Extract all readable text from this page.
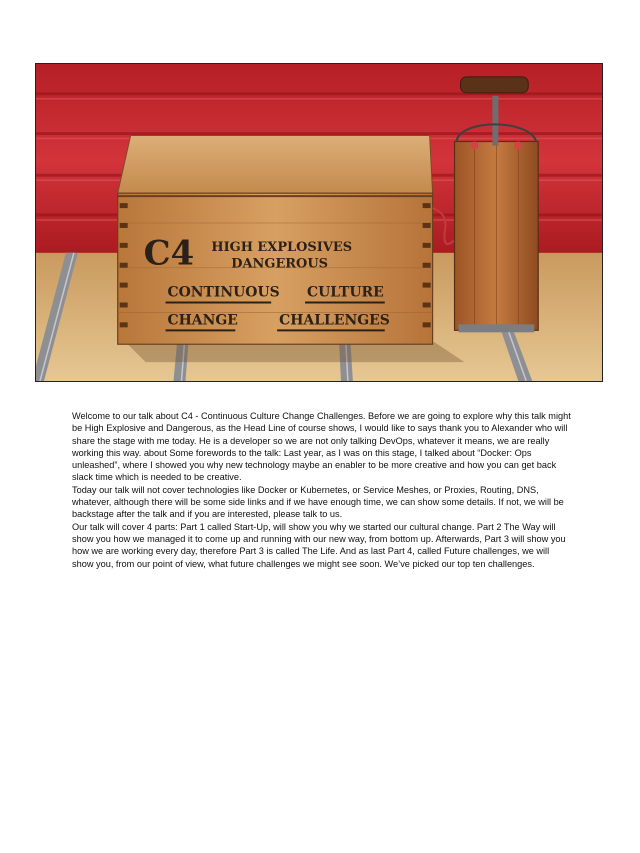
C4 HIGH EXPLOSIVES
DANGEROUS
CONTINUOUS CULTURE
CHANGE	CHALLENGES

Welcome to our talk about C4 - Continuous Culture Change Challenges. Before we are going to explore why this talk might be High Explosive and Dangerous, as the Head Line of course shows, I would like to says thank you to Alexander who will share the stage with me today. He is a developer so we are not only talking DevOps, whatever it means, we are really working this way. about Some forewords to the talk: Last year, as I was on this stage, I talked about “Docker: Ops unleashed”, where I showed you why new technology maybe an enabler to be more creative and how you can get back slack time which is needed to be creative.

Today our talk will not cover technologies like Docker or Kubernetes, or Service Meshes, or Proxies, Routing, DNS, whatever, although there will be some side links and if we have enough time, we can show some details. If not, we will be backstage after the talk and if you are interested, please talk to us.

Our talk will cover 4 parts: Part 1 called Start-Up, will show you why we started our cultural change. Part 2 The Way will show you how we managed it to come up and running with our new way, from bottom up. Afterwards, Part 3 will show you how we are working every day, therefore Part 3 is called The Life. And as last Part 4, called Future challenges, we will show you, from our point of view, what future challenges we might see soon. We’ve picked our top ten challenges.
